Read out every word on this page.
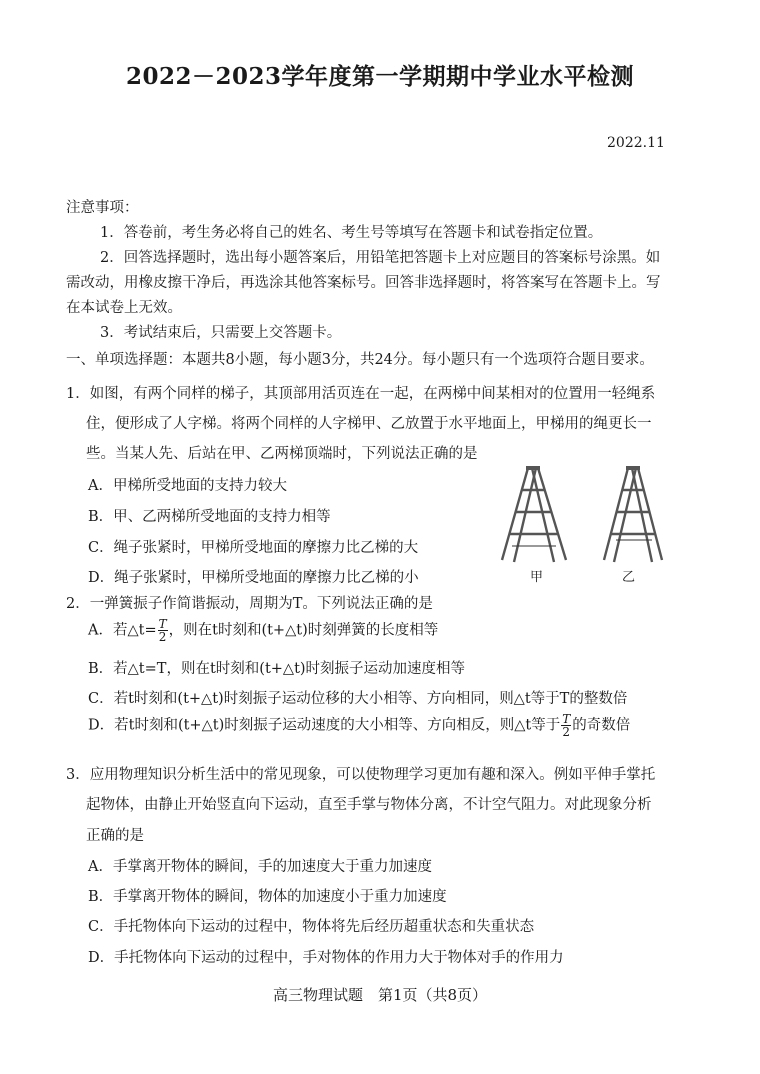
2022－2023学年度第一学期期中学业水平检测
2022.11
注意事项：
1．答卷前，考生务必将自己的姓名、考生号等填写在答题卡和试卷指定位置。
2．回答选择题时，选出每小题答案后，用铅笔把答题卡上对应题目的答案标号涂黑。如
需改动，用橡皮擦干净后，再选涂其他答案标号。回答非选择题时，将答案写在答题卡上。写
在本试卷上无效。
3．考试结束后，只需要上交答题卡。
一、单项选择题：本题共8小题，每小题3分，共24分。每小题只有一个选项符合题目要求。
1．如图，有两个同样的梯子，其顶部用活页连在一起，在两梯中间某相对的位置用一轻绳系
住，便形成了人字梯。将两个同样的人字梯甲、乙放置于水平地面上，甲梯用的绳更长一
些。当某人先、后站在甲、乙两梯顶端时，下列说法正确的是
A．甲梯所受地面的支持力较大
B．甲、乙两梯所受地面的支持力相等
C．绳子张紧时，甲梯所受地面的摩擦力比乙梯的大
D．绳子张紧时，甲梯所受地面的摩擦力比乙梯的小	甲	乙
2．一弹簧振子作简谐振动，周期为T。下列说法正确的是
A．若△t= $\frac{T}{2}$ ，则在t时刻和(t+△t)时刻弹簧的长度相等
B．若△t=T，则在t时刻和(t+△t)时刻振子运动加速度相等
C．若t时刻和(t+△t)时刻振子运动位移的大小相等、方向相同，则△t等于T的整数倍
D．若t时刻和(t+△t)时刻振子运动速度的大小相等、方向相反，则△t等于 $\frac{T}{2}$ 的奇数倍
3．应用物理知识分析生活中的常见现象，可以使物理学习更加有趣和深入。例如平伸手掌托
起物体，由静止开始竖直向下运动，直至手掌与物体分离，不计空气阻力。对此现象分析
正确的是
A．手掌离开物体的瞬间，手的加速度大于重力加速度
B．手掌离开物体的瞬间，物体的加速度小于重力加速度
C．手托物体向下运动的过程中，物体将先后经历超重状态和失重状态
D．手托物体向下运动的过程中，手对物体的作用力大于物体对手的作用力
高三物理试题　第1页（共8页）
